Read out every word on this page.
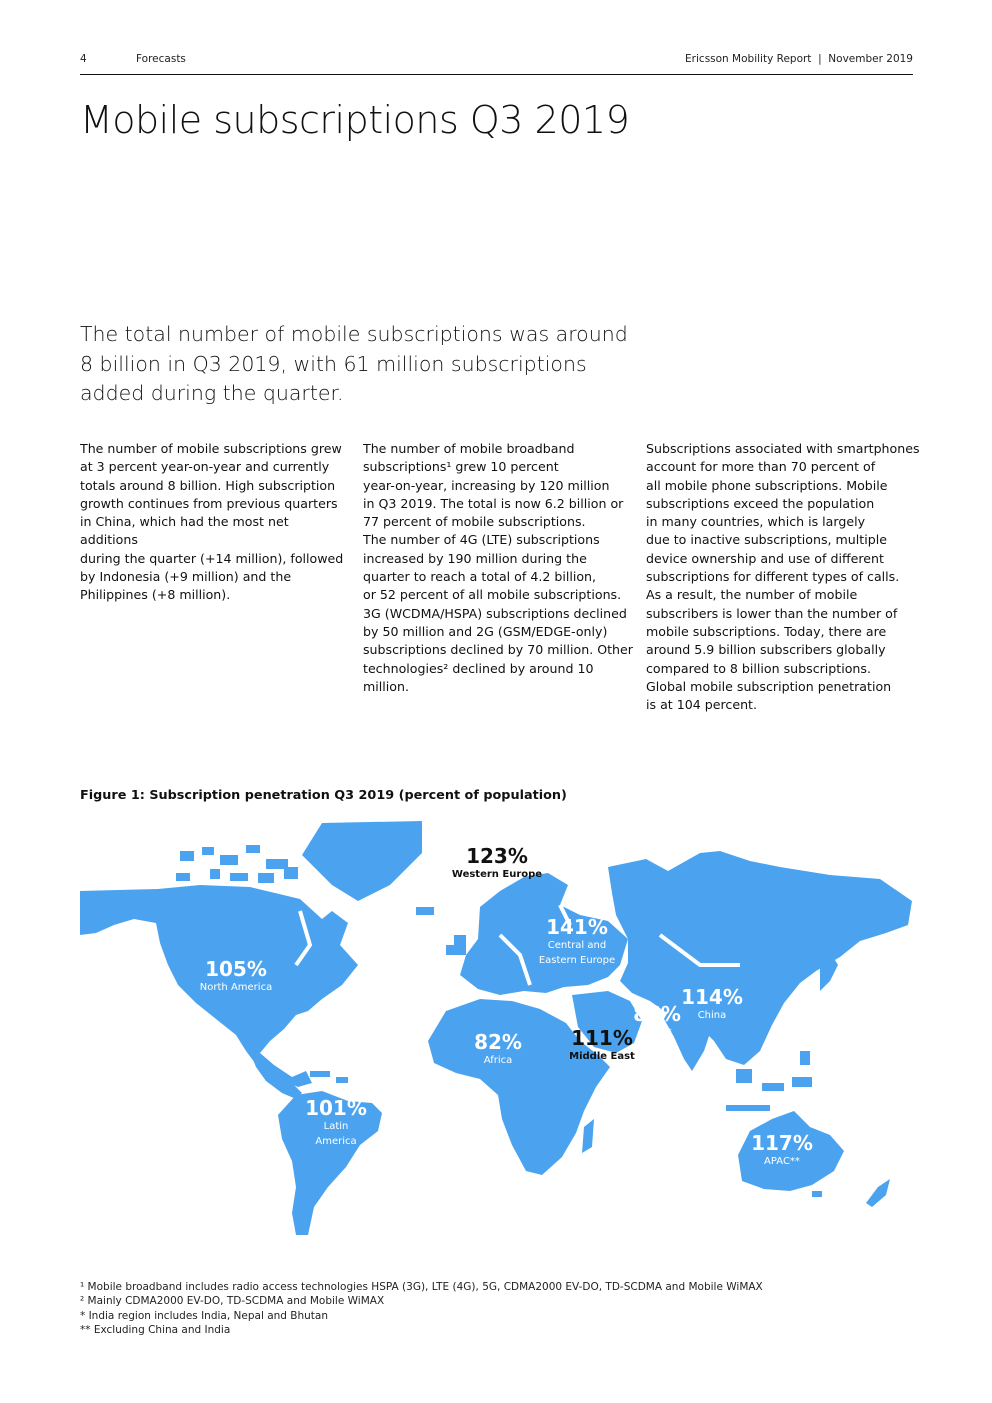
4	Forecasts	Ericsson Mobility Report  |  November 2019
Mobile subscriptions Q3 2019

The total number of mobile subscriptions was around 8 billion in Q3 2019, with 61 million subscriptions added during the quarter.

The number of mobile subscriptions grew

at 3 percent year-on-year and currently

totals around 8 billion. High subscription

growth continues from previous quarters

in China, which had the most net additions

during the quarter (+14 million), followed

by Indonesia (+9 million) and the

Philippines (+8 million).

The number of mobile broadband

subscriptions¹ grew 10 percent

year-on-year, increasing by 120 million

in Q3 2019. The total is now 6.2 billion or

77 percent of mobile subscriptions.

The number of 4G (LTE) subscriptions

increased by 190 million during the

quarter to reach a total of 4.2 billion,

or 52 percent of all mobile subscriptions.

3G (WCDMA/HSPA) subscriptions declined

by 50 million and 2G (GSM/EDGE-only)

subscriptions declined by 70 million. Other

technologies² declined by around 10 million.

Subscriptions associated with smartphones

account for more than 70 percent of

all mobile phone subscriptions. Mobile

subscriptions exceed the population

in many countries, which is largely

due to inactive subscriptions, multiple

device ownership and use of different

subscriptions for different types of calls.

As a result, the number of mobile

subscribers is lower than the number of

mobile subscriptions. Today, there are

around 5.9 billion subscribers globally

compared to 8 billion subscriptions.

Global mobile subscription penetration

is at 104 percent.

Figure 1: Subscription penetration Q3 2019 (percent of population)
105%
North America
101%
Latin America
123%
Western Europe
141%
Central and Eastern Europe
82%
Africa
111%
Middle East
86%
India*
114%
China
117%
APAC**
¹ Mobile broadband includes radio access technologies HSPA (3G), LTE (4G), 5G, CDMA2000 EV-DO, TD-SCDMA and Mobile WiMAX
² Mainly CDMA2000 EV-DO, TD-SCDMA and Mobile WiMAX
* India region includes India, Nepal and Bhutan
** Excluding China and India
